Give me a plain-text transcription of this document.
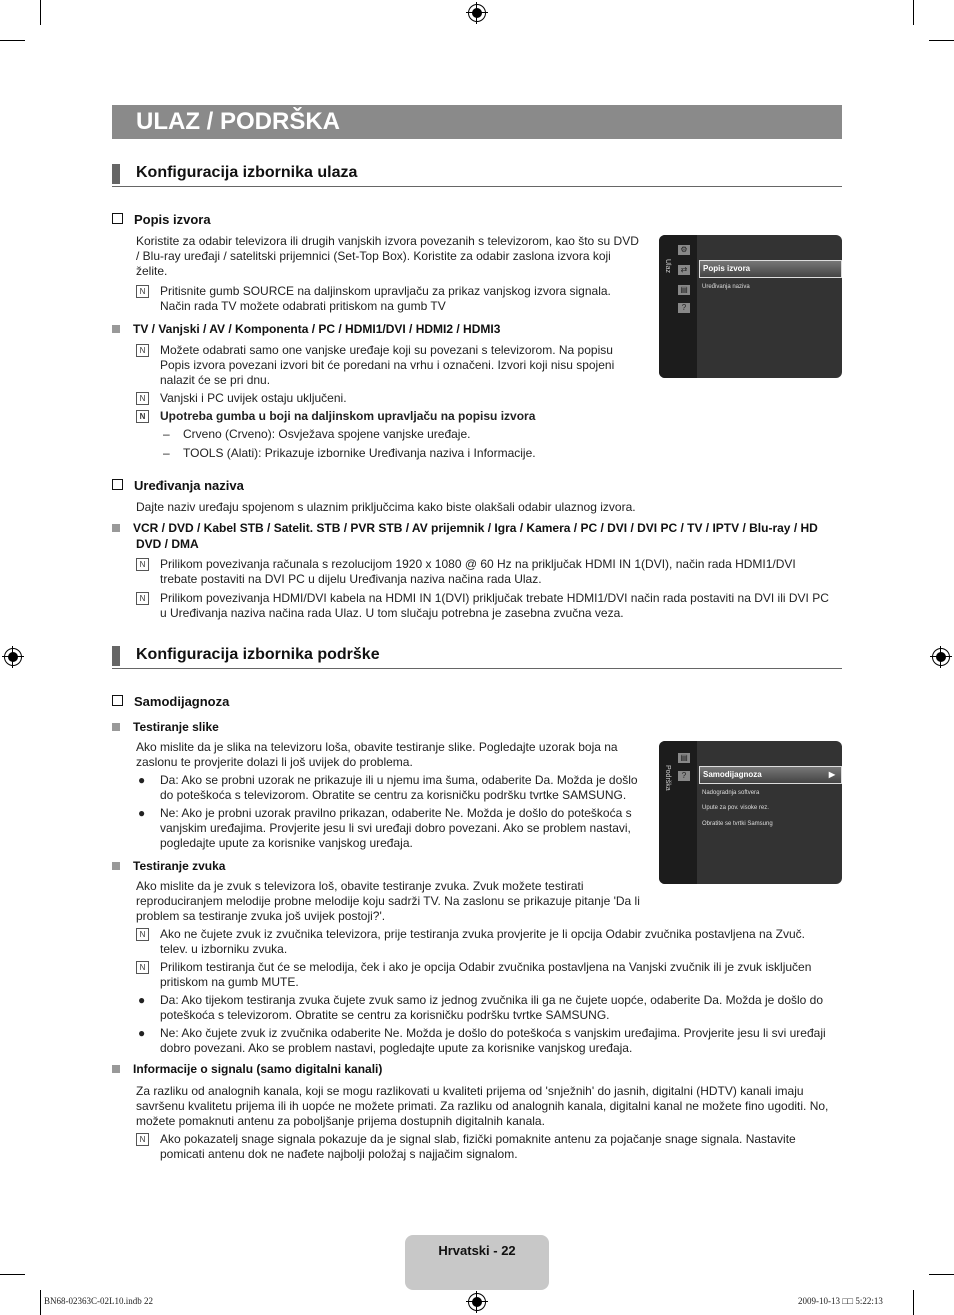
ULAZ / PODRŠKA
Konfiguracija izbornika ulaza
Popis izvora
Koristite za odabir televizora ili drugih vanjskih izvora povezanih s televizorom, kao što su DVD
/ Blu-ray uređaji / satelitski prijemnici (Set-Top Box). Koristite za odabir zaslona izvora koji
želite.
N	Pritisnite gumb SOURCE na daljinskom upravljaču za prikaz vanjskog izvora signala.
Način rada TV možete odabrati pritiskom na gumb TV
TV / Vanjski / AV / Komponenta / PC / HDMI1/DVI / HDMI2 / HDMI3
N	Možete odabrati samo one vanjske uređaje koji su povezani s televizorom. Na popisu
Popis izvora povezani izvori bit će poredani na vrhu i označeni. Izvori koji nisu spojeni
nalazit će se pri dnu.
N	Vanjski i PC uvijek ostaju uključeni.
N	Upotreba gumba u boji na daljinskom upravljaču na popisu izvora
– Crveno (Crveno): Osvježava spojene vanjske uređaje.
– TOOLS (Alati): Prikazuje izbornike Uređivanja naziva i Informacije.
Ulaz
⚙
⇄
▤
?
Popis izvora
Uređivanja naziva
Uređivanja naziva
Dajte naziv uređaju spojenom s ulaznim priključcima kako biste olakšali odabir ulaznog izvora.
VCR / DVD / Kabel STB / Satelit. STB / PVR STB / AV prijemnik / Igra / Kamera / PC / DVI / DVI PC / TV / IPTV / Blu-ray / HD
DVD / DMA
N	Prilikom povezivanja računala s rezolucijom 1920 x 1080 @ 60 Hz na priključak HDMI IN 1(DVI), način rada HDMI1/DVI
trebate postaviti na DVI PC u dijelu Uređivanja naziva načina rada Ulaz.
N	Prilikom povezivanja HDMI/DVI kabela na HDMI IN 1(DVI) priključak trebate HDMI1/DVI način rada postaviti na DVI ili DVI PC
u Uređivanja naziva načina rada Ulaz. U tom slučaju potrebna je zasebna zvučna veza.
Konfiguracija izbornika podrške
Samodijagnoza
Testiranje slike
Ako mislite da je slika na televizoru loša, obavite testiranje slike. Pogledajte uzorak boja na
zaslonu te provjerite dolazi li još uvijek do problema.
● Da: Ako se probni uzorak ne prikazuje ili u njemu ima šuma, odaberite Da. Možda je došlo
do poteškoća s televizorom. Obratite se centru za korisničku podršku tvrtke SAMSUNG.
● Ne: Ako je probni uzorak pravilno prikazan, odaberite Ne. Možda je došlo do poteškoća s
vanjskim uređajima. Provjerite jesu li svi uređaji dobro povezani. Ako se problem nastavi,
pogledajte upute za korisnike vanjskog uređaja.
Podrška
▤
?	Samodijagnoza	▶
Nadogradnja softvera
Upute za pov. visoke rez.
Obratite se tvrtki Samsung
Testiranje zvuka
Ako mislite da je zvuk s televizora loš, obavite testiranje zvuka. Zvuk možete testirati
reproduciranjem melodije probne melodije koju sadrži TV. Na zaslonu se prikazuje pitanje 'Da li
problem sa testiranje zvuka još uvijek postoji?'.
N	Ako ne čujete zvuk iz zvučnika televizora, prije testiranja zvuka provjerite je li opcija Odabir zvučnika postavljena na Zvuč.
telev. u izborniku zvuka.
N	Prilikom testiranja čut će se melodija, ček i ako je opcija Odabir zvučnika postavljena na Vanjski zvučnik ili je zvuk isključen
pritiskom na gumb MUTE.
● Da: Ako tijekom testiranja zvuka čujete zvuk samo iz jednog zvučnika ili ga ne čujete uopće, odaberite Da. Možda je došlo do
poteškoća s televizorom. Obratite se centru za korisničku podršku tvrtke SAMSUNG.
● Ne: Ako čujete zvuk iz zvučnika odaberite Ne. Možda je došlo do poteškoća s vanjskim uređajima. Provjerite jesu li svi uređaji
dobro povezani. Ako se problem nastavi, pogledajte upute za korisnike vanjskog uređaja.
Informacije o signalu (samo digitalni kanali)
Za razliku od analognih kanala, koji se mogu razlikovati u kvaliteti prijema od 'snježnih' do jasnih, digitalni (HDTV) kanali imaju
savršenu kvalitetu prijema ili ih uopće ne možete primati. Za razliku od analognih kanala, digitalni kanal ne možete fino ugoditi. No,
možete pomaknuti antenu za poboljšanje prijema dostupnih digitalnih kanala.
N	Ako pokazatelj snage signala pokazuje da je signal slab, fizički pomaknite antenu za pojačanje snage signala. Nastavite
pomicati antenu dok ne nađete najbolji položaj s najjačim signalom.
Hrvatski - 22
BN68-02363C-02L10.indb 22	2009-10-13 □□ 5:22:13
